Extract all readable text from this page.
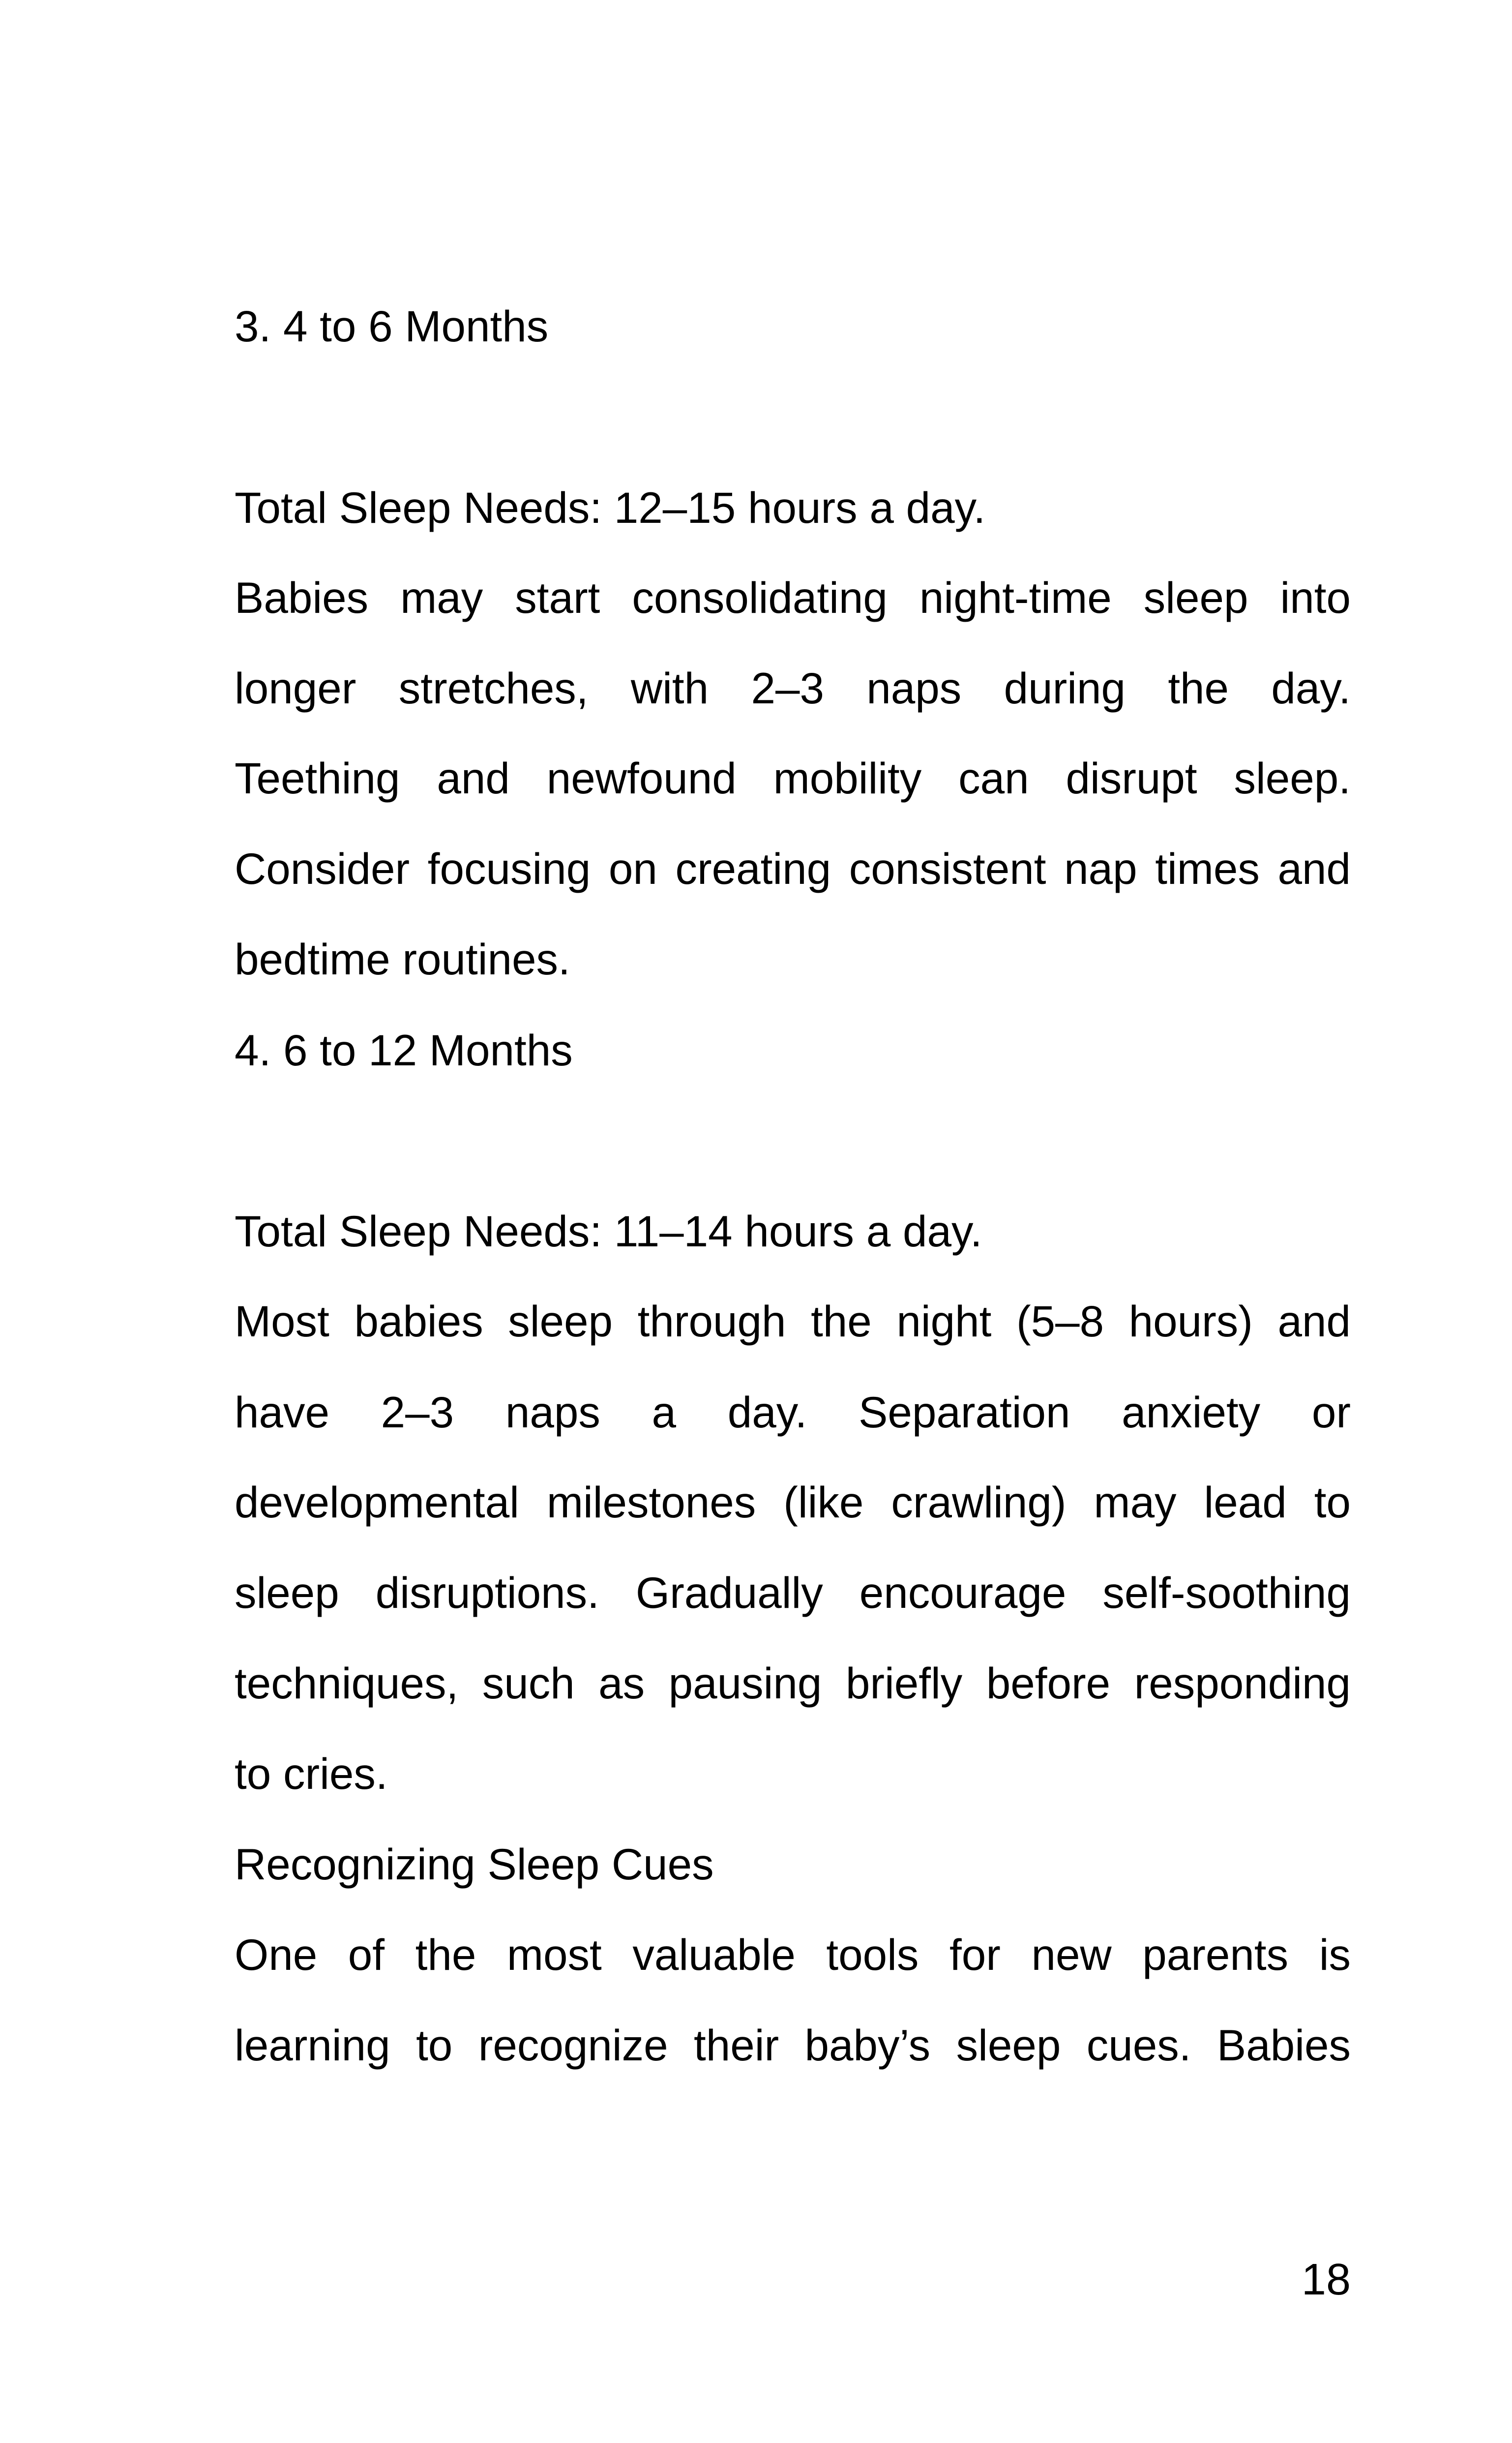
3. 4 to 6 Months

Total Sleep Needs: 12–15 hours a day.

Babies may start consolidating night-time sleep into

longer stretches, with 2–3 naps during the day.

Teething and newfound mobility can disrupt sleep.

Consider focusing on creating consistent nap times and

bedtime routines.

4. 6 to 12 Months

Total Sleep Needs: 11–14 hours a day.

Most babies sleep through the night (5–8 hours) and

have 2–3 naps a day. Separation anxiety or

developmental milestones (like crawling) may lead to

sleep disruptions. Gradually encourage self-soothing

techniques, such as pausing briefly before responding

to cries.

Recognizing Sleep Cues

One of the most valuable tools for new parents is

learning to recognize their baby’s sleep cues. Babies

18
